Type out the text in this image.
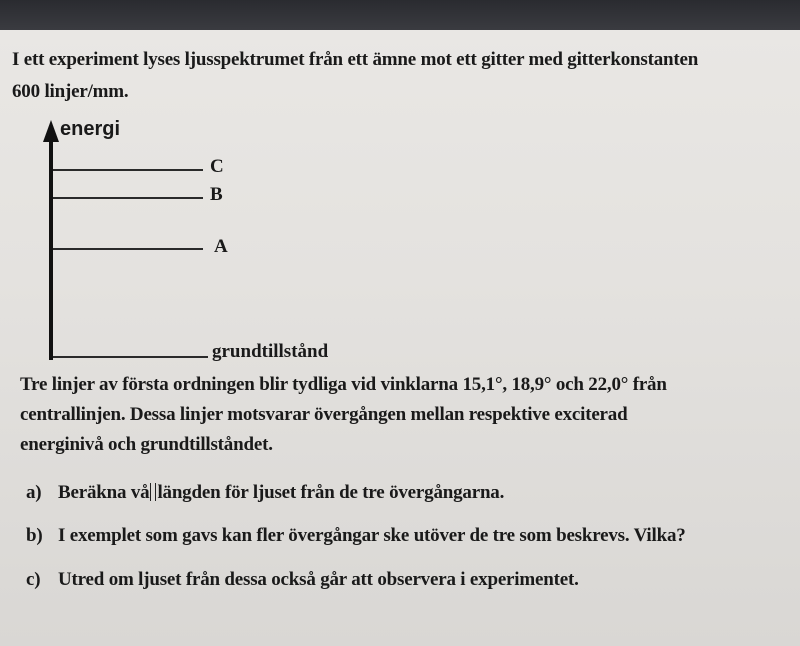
I ett experiment lyses ljusspektrumet från ett ämne mot ett gitter med gitterkonstanten
600 linjer/mm.

energi
C
B
A
grundtillstånd

Tre linjer av första ordningen blir tydliga vid vinklarna 15,1°, 18,9° och 22,0° från
centrallinjen. Dessa linjer motsvarar övergången mellan respektive exciterad
energinivå och grundtillståndet.

a) Beräkna vå längden för ljuset från de tre övergångarna.
b) I exemplet som gavs kan fler övergångar ske utöver de tre som beskrevs. Vilka?
c) Utred om ljuset från dessa också går att observera i experimentet.
